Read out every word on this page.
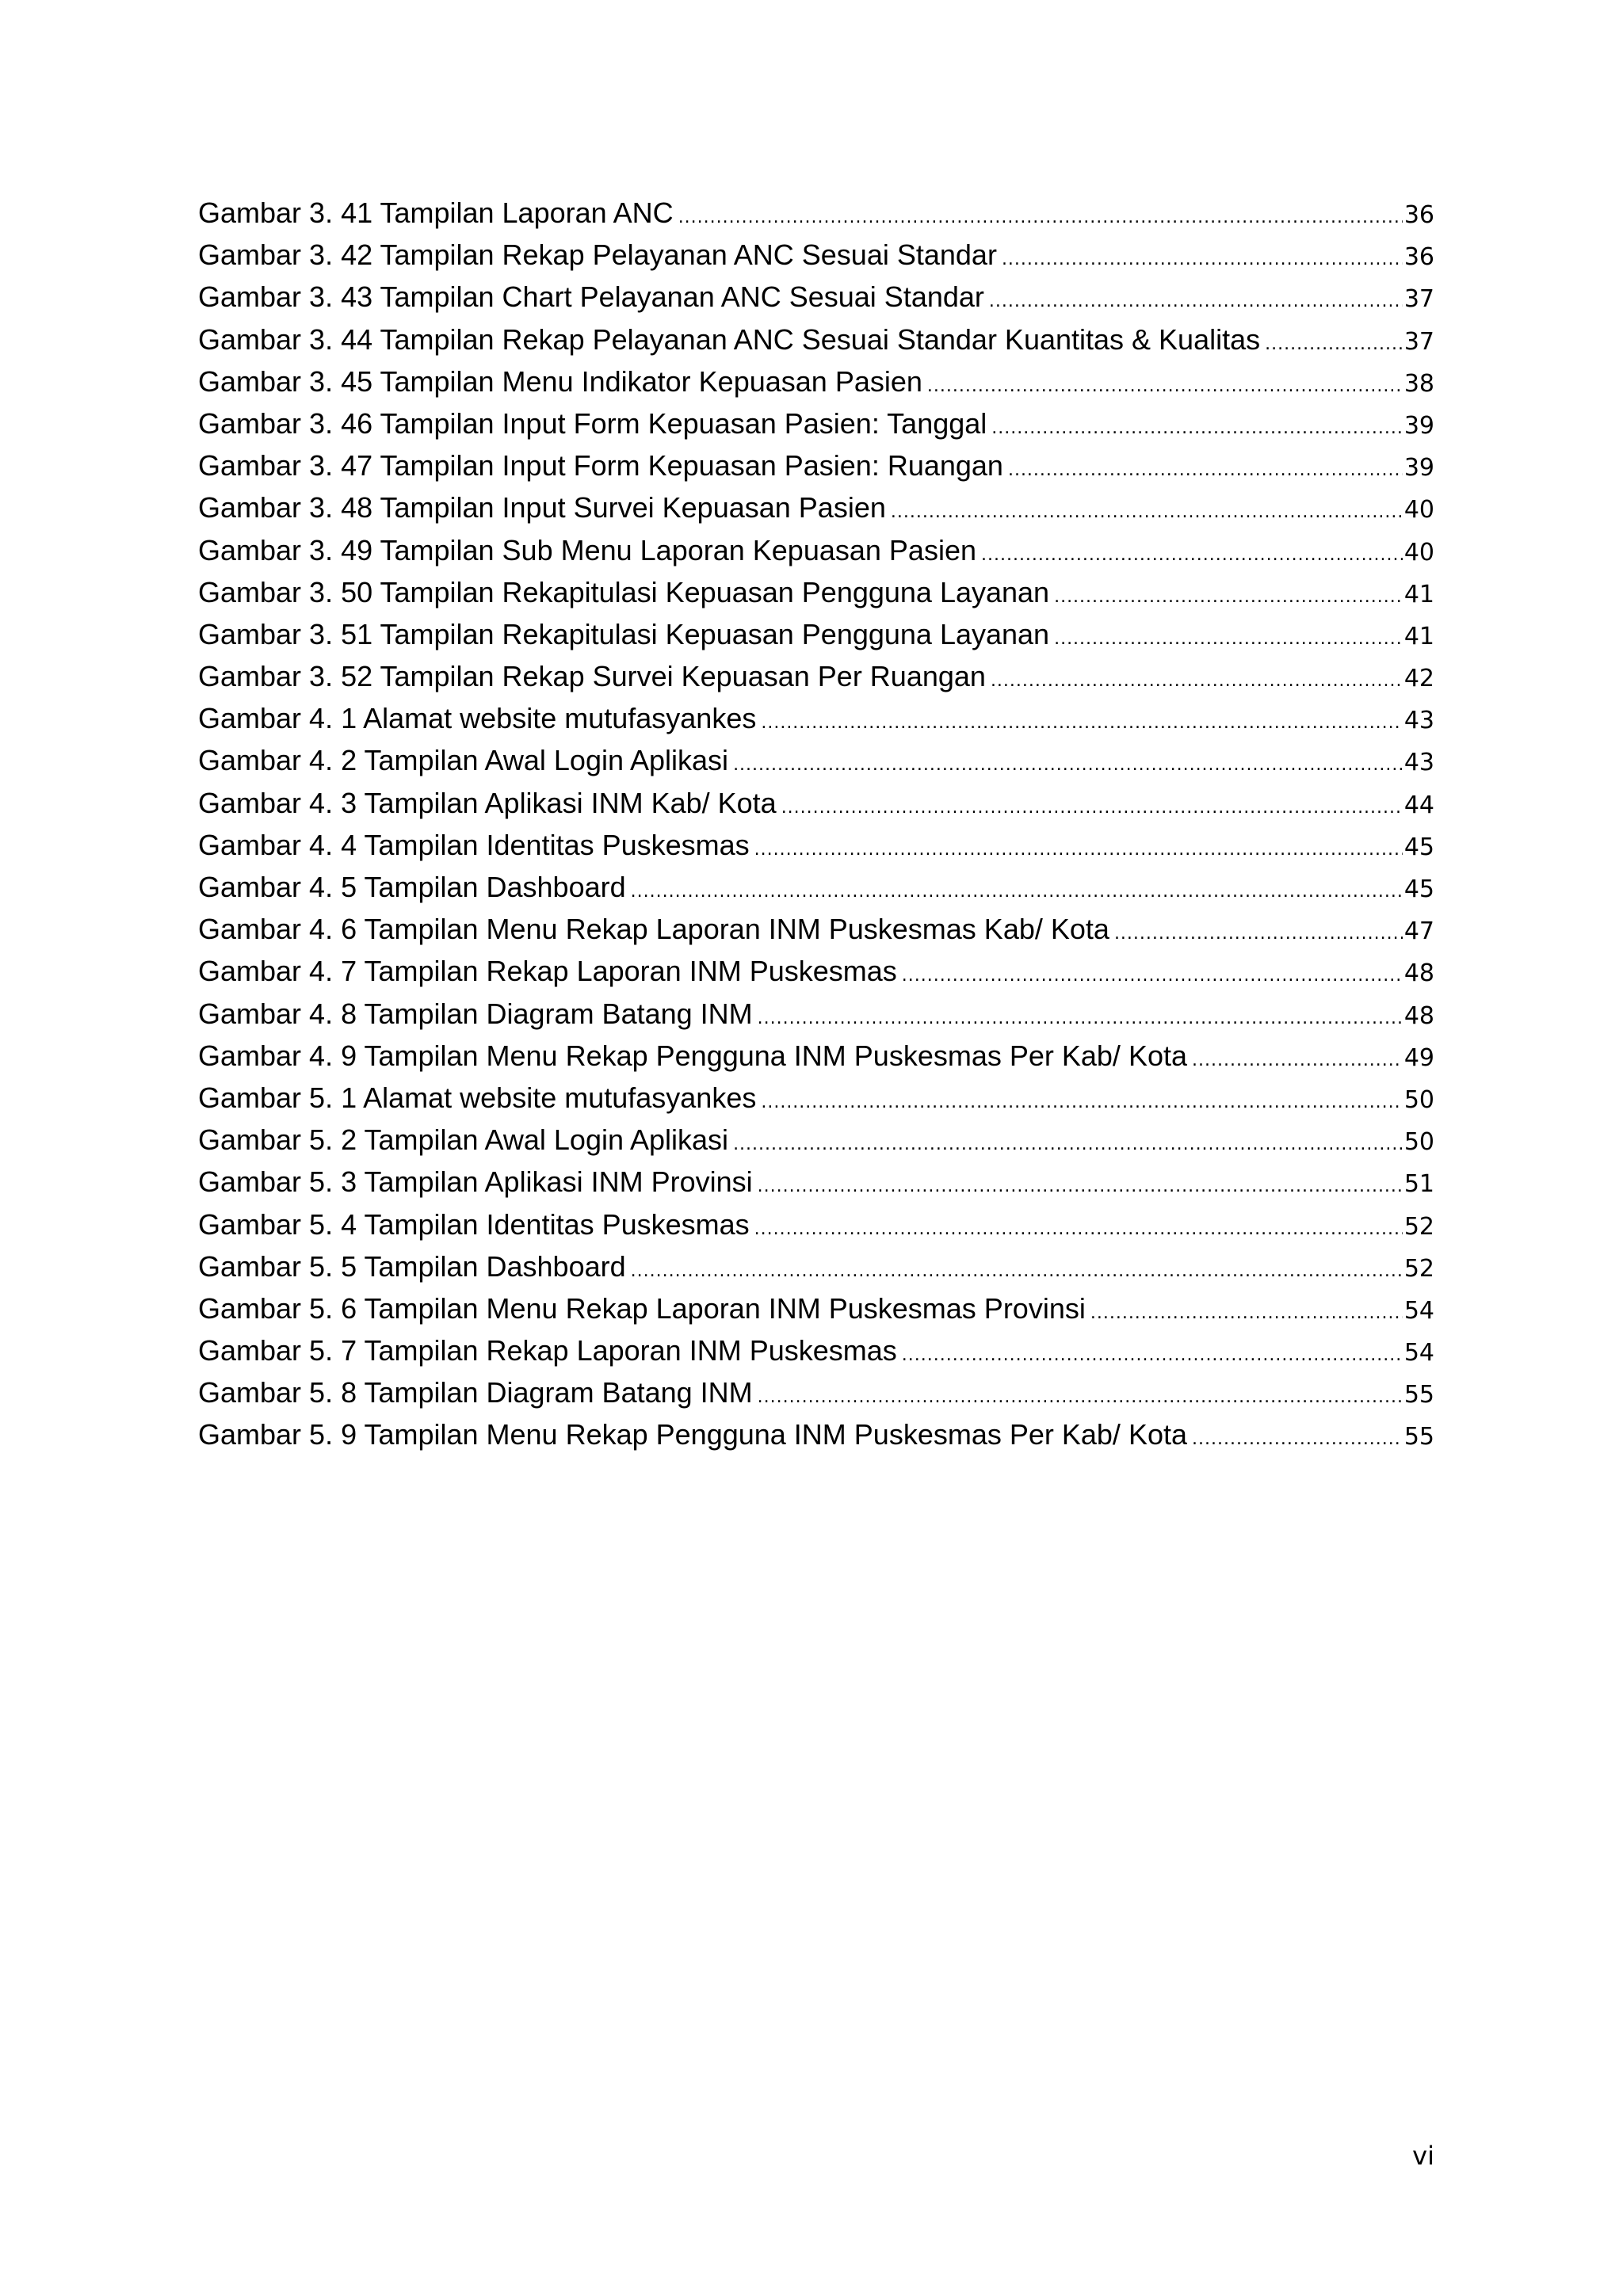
Gambar 3. 41 Tampilan Laporan ANC .....	36
Gambar 3. 42 Tampilan Rekap Pelayanan ANC Sesuai Standar .....	36
Gambar 3. 43 Tampilan Chart Pelayanan ANC Sesuai Standar .....	37
Gambar 3. 44 Tampilan Rekap Pelayanan ANC Sesuai Standar Kuantitas & Kualitas .....	37
Gambar 3. 45 Tampilan Menu Indikator Kepuasan Pasien .....	38
Gambar 3. 46 Tampilan Input Form Kepuasan Pasien: Tanggal .....	39
Gambar 3. 47 Tampilan Input Form Kepuasan Pasien: Ruangan .....	39
Gambar 3. 48 Tampilan Input Survei Kepuasan Pasien .....	40
Gambar 3. 49 Tampilan Sub Menu Laporan Kepuasan Pasien .....	40
Gambar 3. 50 Tampilan Rekapitulasi Kepuasan Pengguna Layanan .....	41
Gambar 3. 51 Tampilan Rekapitulasi Kepuasan Pengguna Layanan .....	41
Gambar 3. 52 Tampilan Rekap Survei Kepuasan Per Ruangan .....	42
Gambar 4. 1 Alamat website mutufasyankes .....	43
Gambar 4. 2 Tampilan Awal Login Aplikasi .....	43
Gambar 4. 3 Tampilan Aplikasi INM Kab/ Kota .....	44
Gambar 4. 4 Tampilan Identitas Puskesmas .....	45
Gambar 4. 5 Tampilan Dashboard .....	45
Gambar 4. 6 Tampilan Menu Rekap Laporan INM Puskesmas Kab/ Kota .....	47
Gambar 4. 7 Tampilan Rekap Laporan INM Puskesmas .....	48
Gambar 4. 8 Tampilan Diagram Batang INM .....	48
Gambar 4. 9 Tampilan Menu Rekap Pengguna INM Puskesmas Per Kab/ Kota .....	49
Gambar 5. 1 Alamat website mutufasyankes .....	50
Gambar 5. 2 Tampilan Awal Login Aplikasi .....	50
Gambar 5. 3 Tampilan Aplikasi INM Provinsi .....	51
Gambar 5. 4 Tampilan Identitas Puskesmas .....	52
Gambar 5. 5 Tampilan Dashboard .....	52
Gambar 5. 6 Tampilan Menu Rekap Laporan INM Puskesmas Provinsi .....	54
Gambar 5. 7 Tampilan Rekap Laporan INM Puskesmas .....	54
Gambar 5. 8 Tampilan Diagram Batang INM .....	55
Gambar 5. 9 Tampilan Menu Rekap Pengguna INM Puskesmas Per Kab/ Kota .....	55
vi
